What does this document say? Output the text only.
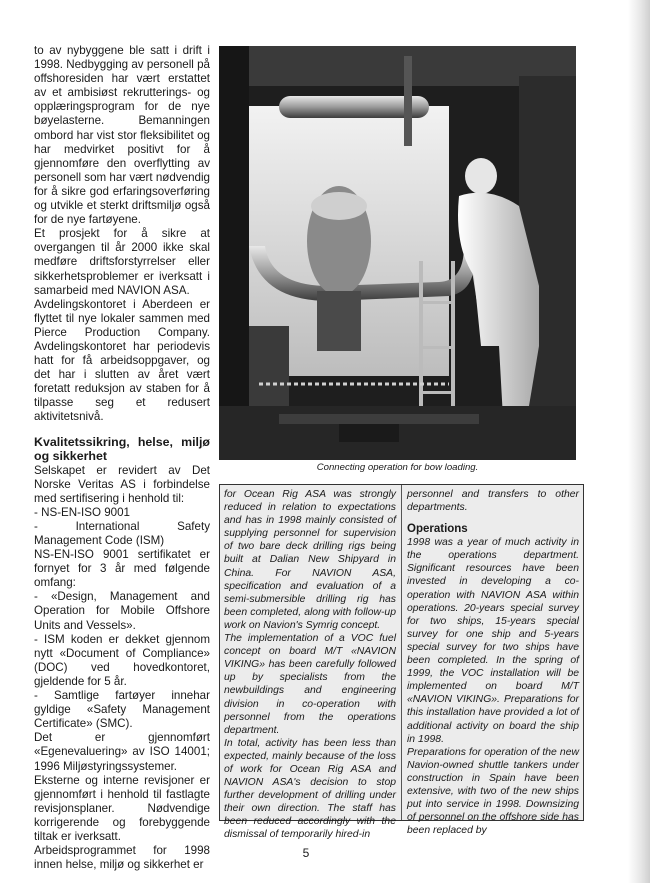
to av nybyggene ble satt i drift i 1998. Nedbygging av personell på offshoresiden har vært erstattet av et ambisiøst rekrutterings- og opplæringsprogram for de nye bøyelasterne. Bemanningen ombord har vist stor fleksibilitet og har medvirket positivt for å gjennomføre den overflytting av personell som har vært nødvendig for å sikre god erfaringsoverføring og utvikle et sterkt driftsmiljø også for de nye fartøyene.

Et prosjekt for å sikre at overgangen til år 2000 ikke skal medføre driftsforstyrrelser eller sikkerhetsproblemer er iverksatt i samarbeid med NAVION ASA.

Avdelingskontoret i Aberdeen er flyttet til nye lokaler sammen med Pierce Production Company. Avdelingskontoret har periodevis hatt for få arbeidsoppgaver, og det har i slutten av året vært foretatt reduksjon av staben for å tilpasse seg et redusert aktivitetsnivå.

Kvalitetssikring, helse, miljø og sikkerhet

Selskapet er revidert av Det Norske Veritas AS i forbindelse med sertifisering i henhold til:

- NS-EN-ISO 9001

- International Safety Management Code (ISM)

NS-EN-ISO 9001 sertifikatet er fornyet for 3 år med følgende omfang:

- «Design, Management and Operation for Mobile Offshore Units and Vessels».

- ISM koden er dekket gjennom nytt «Document of Compliance» (DOC) ved hovedkontoret, gjeldende for 5 år.

- Samtlige fartøyer innehar gyldige «Safety Management Certificate» (SMC).

Det er gjennomført «Egenevaluering» av ISO 14001; 1996 Miljøstyringssystemer.

Eksterne og interne revisjoner er gjennomført i henhold til fastlagte revisjonsplaner. Nødvendige korrigerende og forebyggende tiltak er iverksatt.

Arbeidsprogrammet for 1998 innen helse, miljø og sikkerhet er

Connecting operation for bow loading.

for Ocean Rig ASA was strongly reduced in relation to expectations and has in 1998 mainly consisted of supplying personnel for supervision of two bare deck drilling rigs being built at Dalian New Shipyard in China. For NAVION ASA, specification and evaluation of a semi-submersible drilling rig has been completed, along with follow-up work on Navion's Symrig concept.

The implementation of a VOC fuel concept on board M/T «NAVION VIKING» has been carefully followed up by specialists from the newbuildings and engineering division in co-operation with personnel from the operations department.

In total, activity has been less than expected, mainly because of the loss of work for Ocean Rig ASA and NAVION ASA's decision to stop further development of drilling under their own direction. The staff has been reduced accordingly with the dismissal of temporarily hired-in

personnel and transfers to other departments.

Operations

1998 was a year of much activity in the operations department. Significant resources have been invested in developing a co-operation with NAVION ASA within operations. 20-years special survey for two ships, 15-years special survey for one ship and 5-years special survey for two ships have been completed. In the spring of 1999, the VOC installation will be implemented on board M/T «NAVION VIKING». Preparations for this installation have provided a lot of additional activity on board the ship in 1998.

Preparations for operation of the new Navion-owned shuttle tankers under construction in Spain have been extensive, with two of the new ships put into service in 1998. Downsizing of personnel on the offshore side has been replaced by

5
